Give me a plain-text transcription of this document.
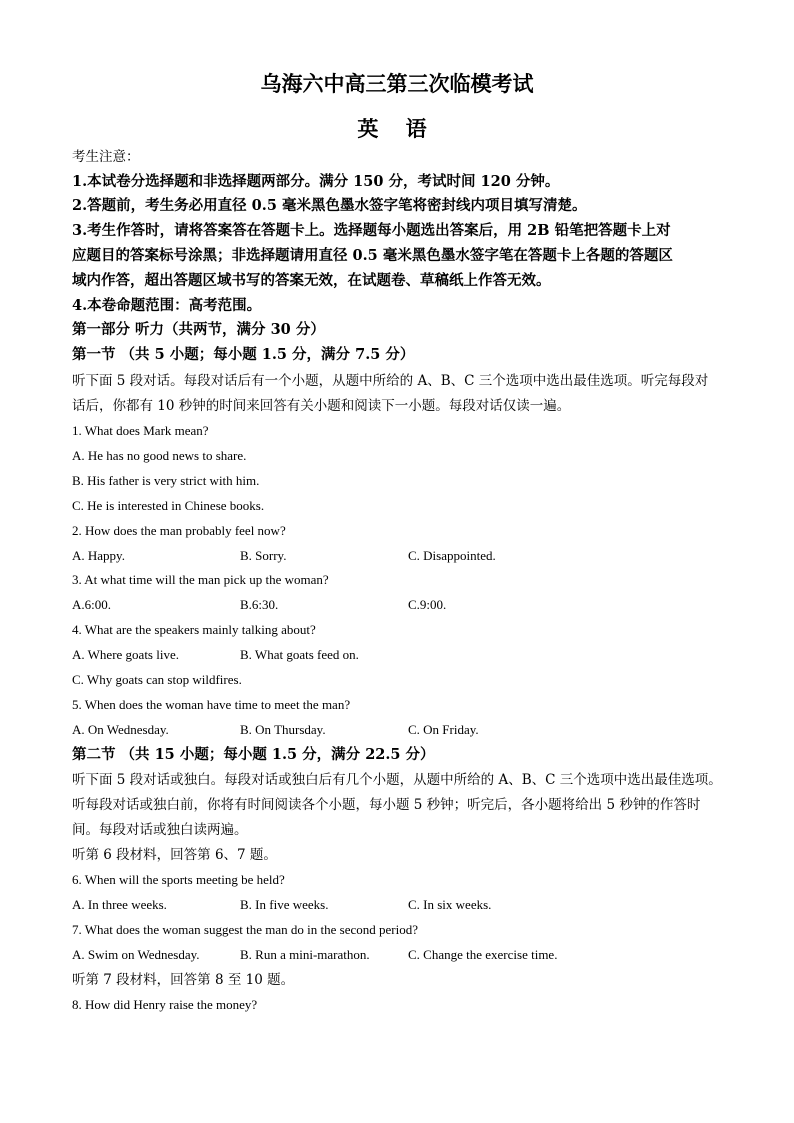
乌海六中高三第三次临模考试
英 语
考生注意：
1.本试卷分选择题和非选择题两部分。满分 150 分，考试时间 120 分钟。
2.答题前，考生务必用直径 0.5 毫米黑色墨水签字笔将密封线内项目填写清楚。
3.考生作答时，请将答案答在答题卡上。选择题每小题选出答案后，用 2B 铅笔把答题卡上对
应题目的答案标号涂黑；非选择题请用直径 0.5 毫米黑色墨水签字笔在答题卡上各题的答题区
域内作答，超出答题区域书写的答案无效，在试题卷、草稿纸上作答无效。
4.本卷命题范围：高考范围。
第一部分 听力（共两节，满分 30 分）
第一节 （共 5 小题；每小题 1.5 分，满分 7.5 分）
听下面 5 段对话。每段对话后有一个小题，从题中所给的 A、B、C 三个选项中选出最佳选项。听完每段对
话后，你都有 10 秒钟的时间来回答有关小题和阅读下一小题。每段对话仅读一遍。
1. What does Mark mean?
A. He has no good news to share.
B. His father is very strict with him.
C. He is interested in Chinese books.
2. How does the man probably feel now?
A. Happy.	B. Sorry.	C. Disappointed.
3. At what time will the man pick up the woman?
A.6:00.	B.6:30.	C.9:00.
4. What are the speakers mainly talking about?
A. Where goats live.	B. What goats feed on.
C. Why goats can stop wildfires.
5. When does the woman have time to meet the man?
A. On Wednesday.	B. On Thursday.	C. On Friday.
第二节 （共 15 小题；每小题 1.5 分，满分 22.5 分）
听下面 5 段对话或独白。每段对话或独白后有几个小题，从题中所给的 A、B、C 三个选项中选出最佳选项。
听每段对话或独白前，你将有时间阅读各个小题，每小题 5 秒钟；听完后，各小题将给出 5 秒钟的作答时
间。每段对话或独白读两遍。
听第 6 段材料，回答第 6、7 题。
6. When will the sports meeting be held?
A. In three weeks.	B. In five weeks.	C. In six weeks.
7. What does the woman suggest the man do in the second period?
A. Swim on Wednesday.	B. Run a mini-marathon.	C. Change the exercise time.
听第 7 段材料，回答第 8 至 10 题。
8. How did Henry raise the money?
